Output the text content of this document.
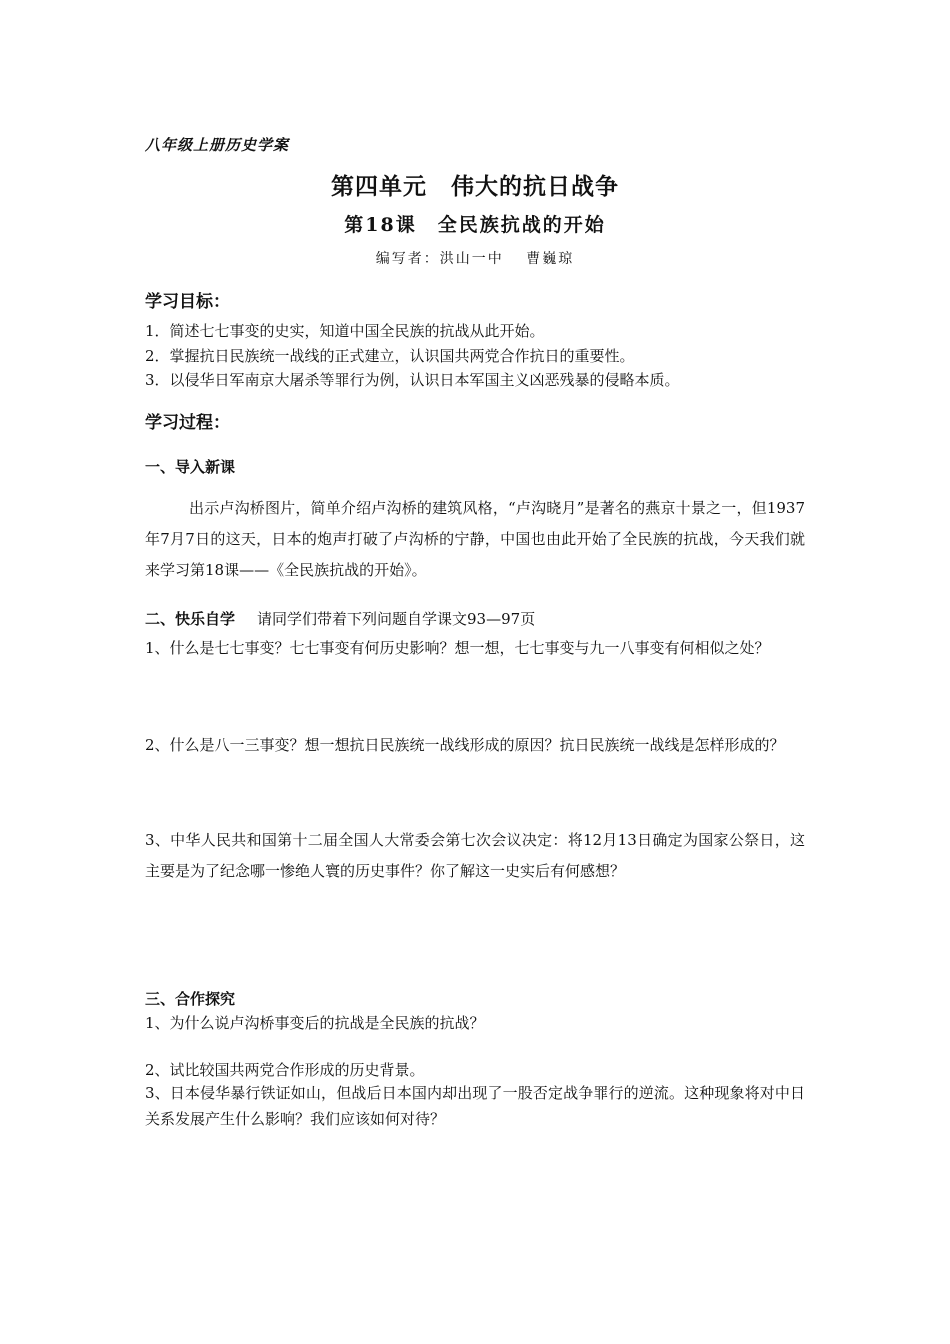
八年级上册历史学案
第四单元　伟大的抗日战争
第18课　全民族抗战的开始
编写者：洪山一中　 曹巍琼
学习目标：
1．简述七七事变的史实，知道中国全民族的抗战从此开始。
2．掌握抗日民族统一战线的正式建立，认识国共两党合作抗日的重要性。
3．以侵华日军南京大屠杀等罪行为例，认识日本军国主义凶恶残暴的侵略本质。
学习过程：
一、导入新课
出示卢沟桥图片，简单介绍卢沟桥的建筑风格，“卢沟晓月”是著名的燕京十景之一，但1937年7月7日的这天，日本的炮声打破了卢沟桥的宁静，中国也由此开始了全民族的抗战，今天我们就来学习第18课——《全民族抗战的开始》。
二、快乐自学 请同学们带着下列问题自学课文93—97页
1、什么是七七事变？七七事变有何历史影响？想一想，七七事变与九一八事变有何相似之处？
2、什么是八一三事变？想一想抗日民族统一战线形成的原因？抗日民族统一战线是怎样形成的？
3、中华人民共和国第十二届全国人大常委会第七次会议决定：将12月13日确定为国家公祭日，这主要是为了纪念哪一惨绝人寰的历史事件？你了解这一史实后有何感想？
三、合作探究
1、为什么说卢沟桥事变后的抗战是全民族的抗战？
2、试比较国共两党合作形成的历史背景。
3、日本侵华暴行铁证如山，但战后日本国内却出现了一股否定战争罪行的逆流。这种现象将对中日关系发展产生什么影响？我们应该如何对待？
